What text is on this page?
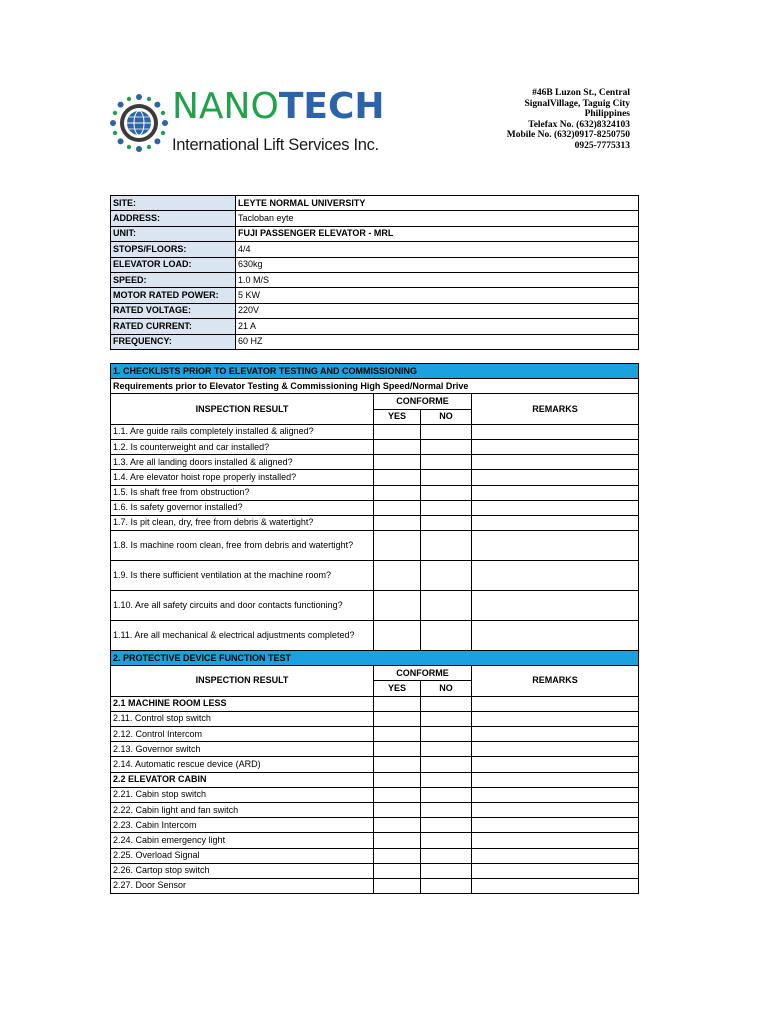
NANOTECH
International Lift Services Inc.
#46B Luzon St., Central
SignalVillage, Taguig City
Philippines
Telefax No. (632)8324103
Mobile No. (632)0917-8250750
0925-7775313
SITE:	LEYTE NORMAL UNIVERSITY
ADDRESS:	Tacloban eyte
UNIT:	FUJI PASSENGER ELEVATOR - MRL
STOPS/FLOORS:	4/4
ELEVATOR LOAD:	630kg
SPEED:	1.0 M/S
MOTOR RATED POWER:	5 KW
RATED VOLTAGE:	220V
RATED CURRENT:	21 A
FREQUENCY:	60 HZ
1. CHECKLISTS PRIOR TO ELEVATOR TESTING AND COMMISSIONING			
Requirements prior to Elevator Testing & Commissioning High Speed/Normal Drive			
INSPECTION RESULT	CONFORME		REMARKS
	YES	NO	
1.1. Are guide rails completely installed & aligned?			
1.2. Is counterweight and car installed?			
1.3. Are all landing doors installed & aligned?			
1.4. Are elevator hoist rope properly installed?			
1.5. Is shaft free from obstruction?			
1.6. Is safety governor installed?			
1.7. Is pit clean, dry, free from debris & watertight?			
1.8. Is machine room clean, free from debris and watertight?			
1.9. Is there sufficient ventilation at the machine room?			
1.10. Are all safety circuits and door contacts functioning?			
1.11. Are all mechanical & electrical adjustments completed?			
2. PROTECTIVE DEVICE FUNCTION TEST			
INSPECTION RESULT	CONFORME		REMARKS
	YES	NO	
2.1 MACHINE ROOM LESS			
2.11. Control stop switch			
2.12. Control Intercom			
2.13. Governor switch			
2.14. Automatic rescue device (ARD)			
2.2 ELEVATOR CABIN			
2.21. Cabin stop switch			
2.22. Cabin light and fan switch			
2.23. Cabin Intercom			
2.24. Cabin emergency light			
2.25. Overload Signal			
2.26. Cartop stop switch			
2.27. Door Sensor			
